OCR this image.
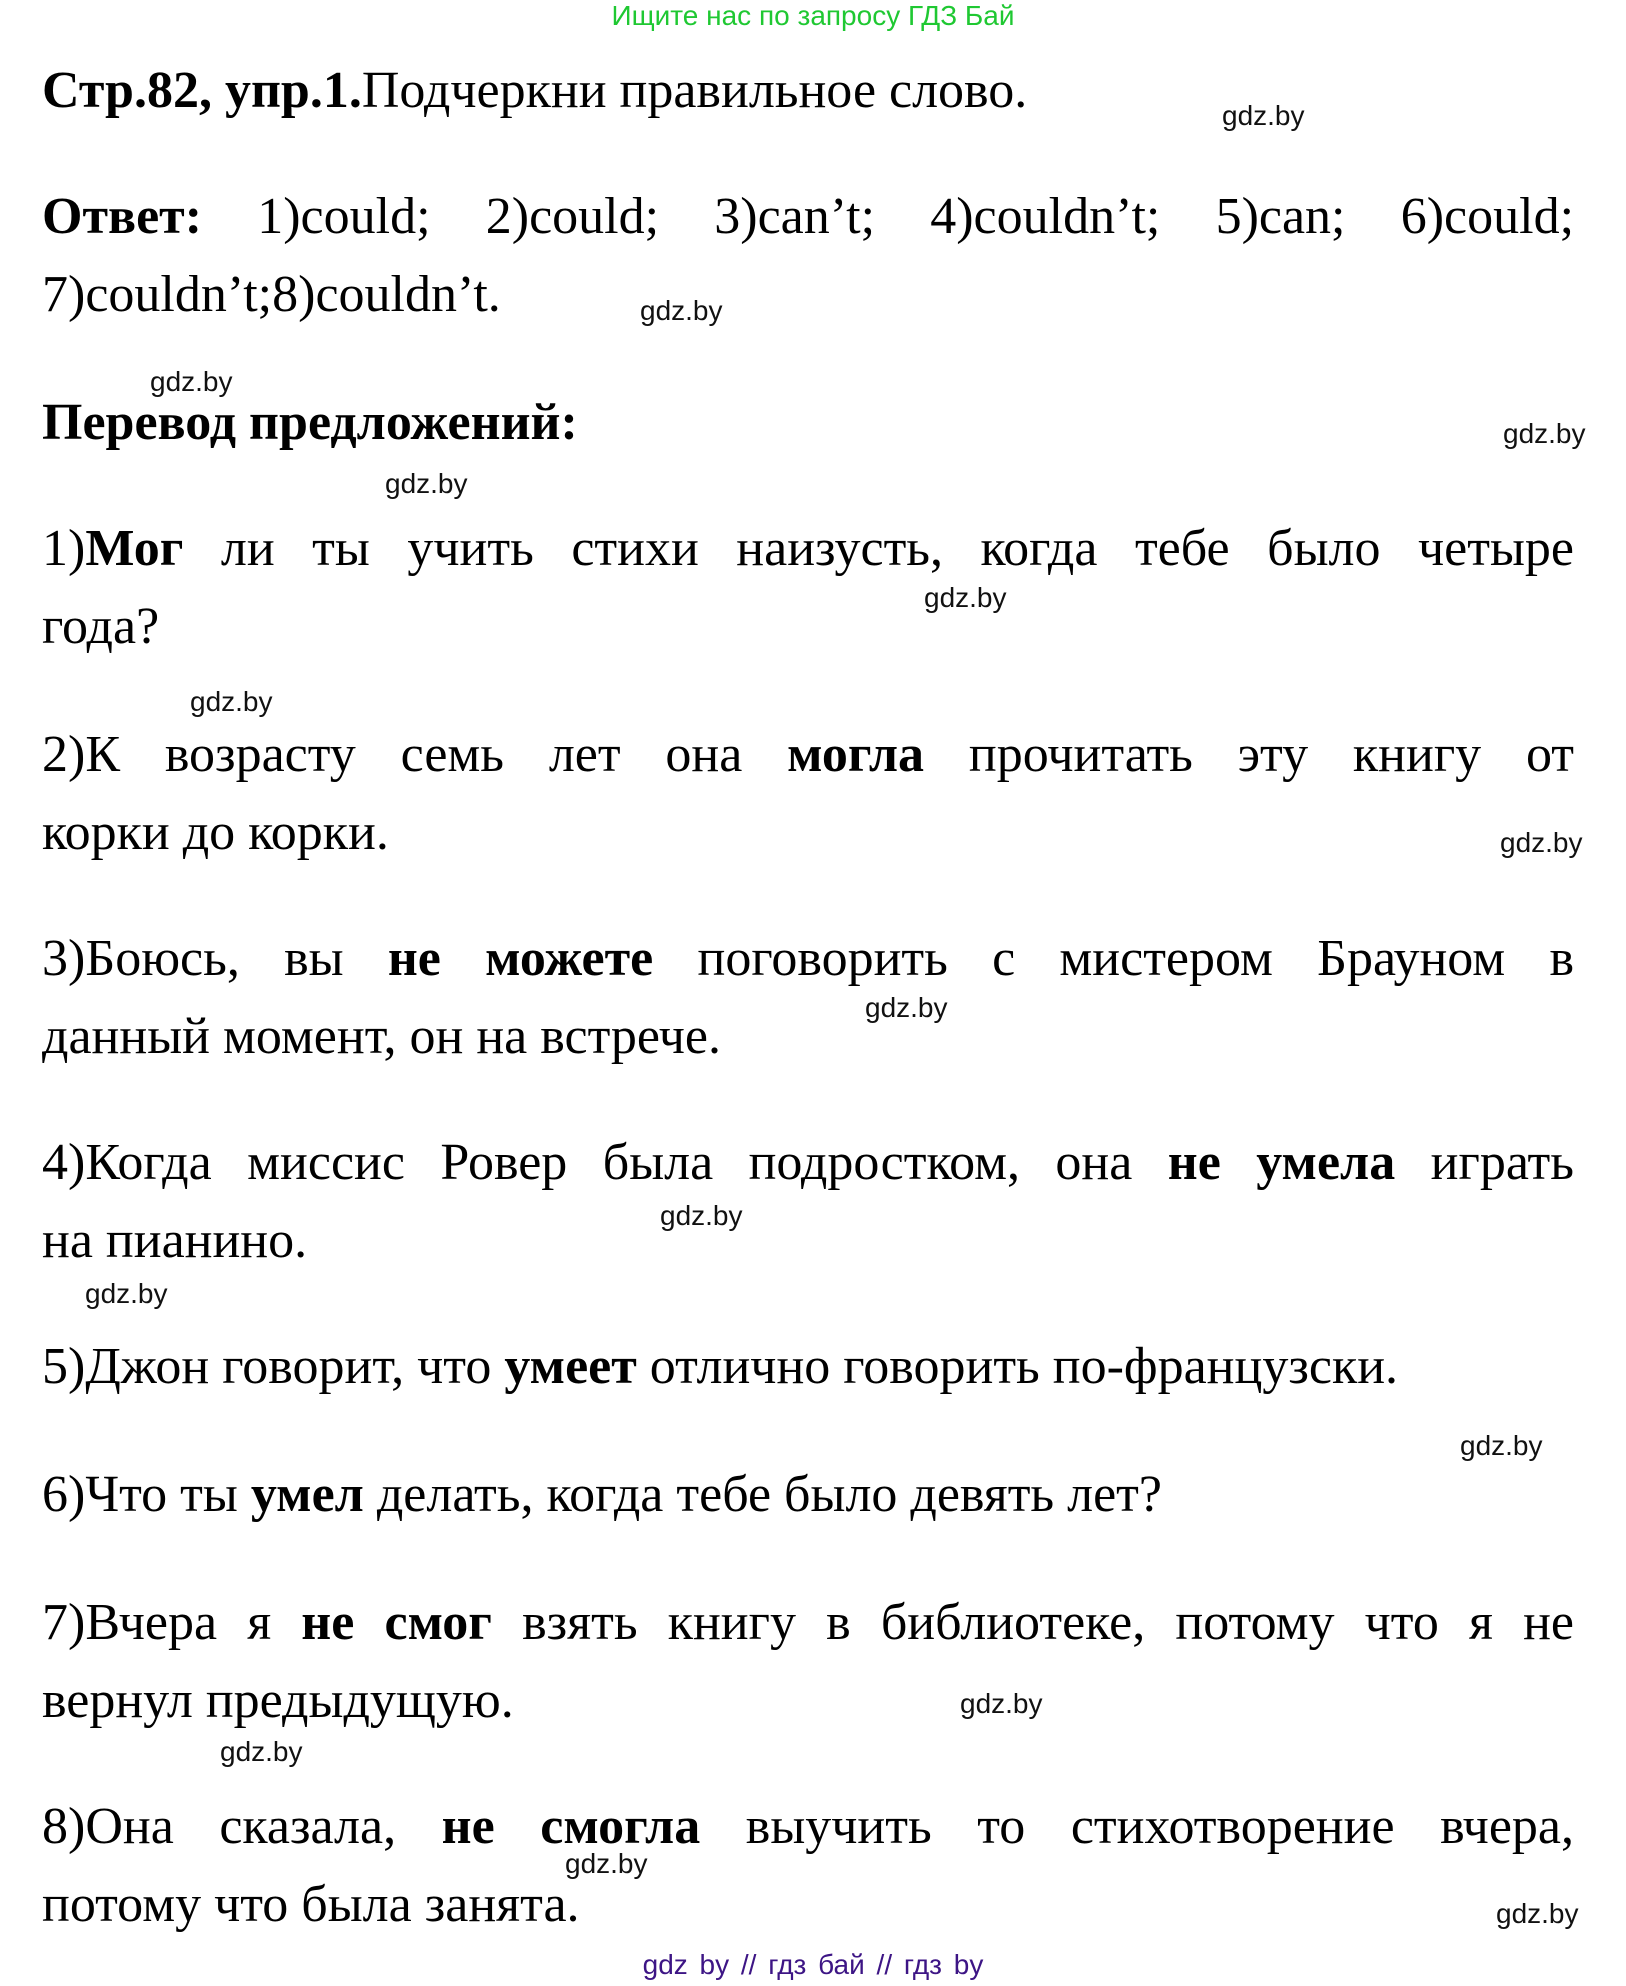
Ищите нас по запросу ГДЗ Бай

Стр.82, упр.1.Подчеркни правильное слово.

Ответ: 1)could; 2)could; 3)can’t; 4)couldn’t; 5)can; 6)could; 7)couldn’t;8)couldn’t.

Перевод предложений:

1)Мог ли ты учить стихи наизусть, когда тебе было четыре
года?
2)К возрасту семь лет она могла прочитать эту книгу от
корки до корки.
3)Боюсь, вы не можете поговорить с мистером Брауном в
данный момент, он на встрече.
4)Когда миссис Ровер была подростком, она не умела играть
на пианино.
5)Джон говорит, что умеет отлично говорить по-французски.
6)Что ты умел делать, когда тебе было девять лет?
7)Вчера я не смог взять книгу в библиотеке, потому что я не
вернул предыдущую.
8)Она сказала, не смогла выучить то стихотворение вчера,
потому что была занята.
gdz.by
gdz.by
gdz.by
gdz.by
gdz.by
gdz.by
gdz.by
gdz.by
gdz.by
gdz.by
gdz.by
gdz.by
gdz.by
gdz.by
gdz.by
gdz.by
gdz by // гдз бай // гдз by
